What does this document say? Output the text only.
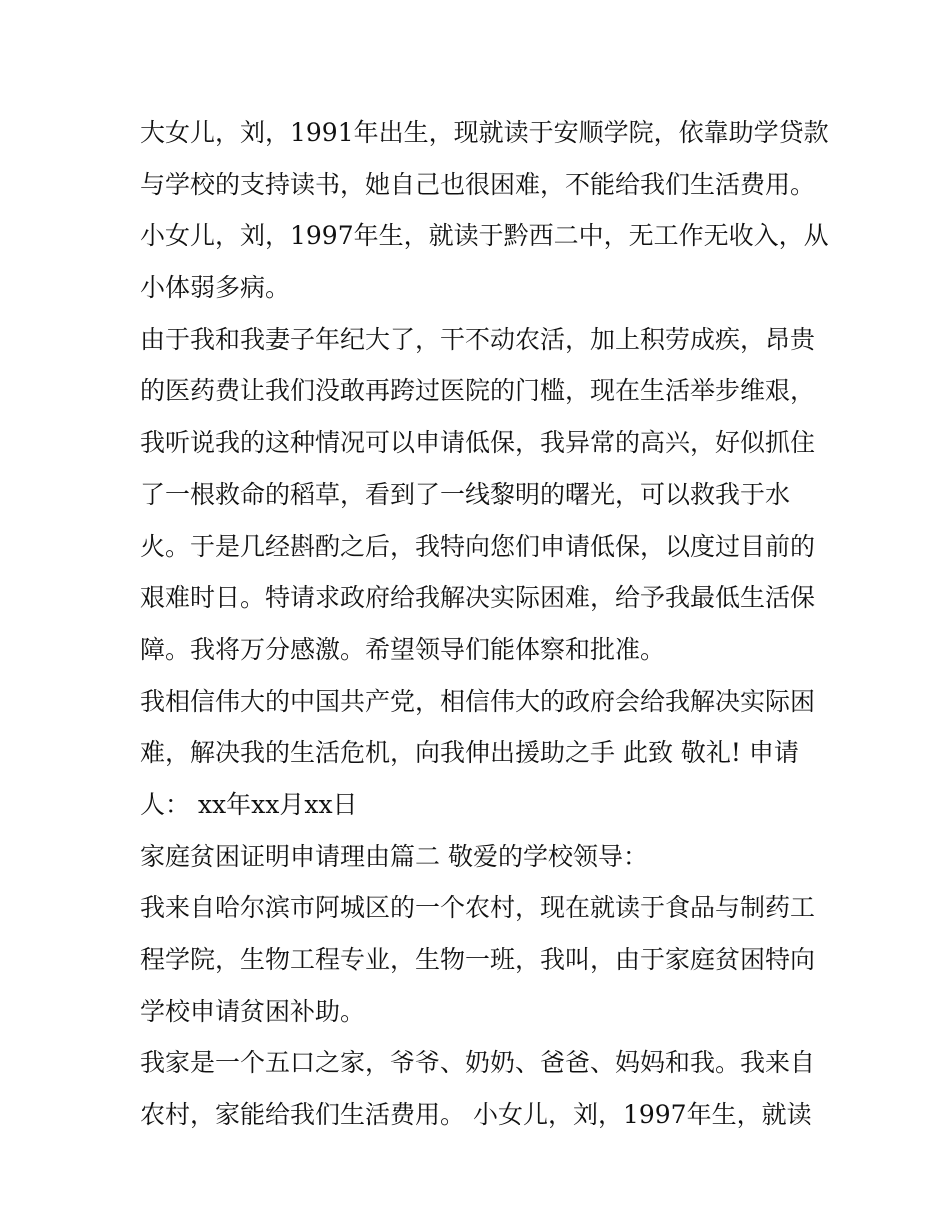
大女儿，刘，1991年出生，现就读于安顺学院，依靠助学贷款
与学校的支持读书，她自己也很困难，不能给我们生活费用。
小女儿，刘，1997年生，就读于黔西二中，无工作无收入，从
小体弱多病。
由于我和我妻子年纪大了，干不动农活，加上积劳成疾，昂贵
的医药费让我们没敢再跨过医院的门槛，现在生活举步维艰，
我听说我的这种情况可以申请低保，我异常的高兴，好似抓住
了一根救命的稻草，看到了一线黎明的曙光，可以救我于水
火。于是几经斟酌之后，我特向您们申请低保，以度过目前的
艰难时日。特请求政府给我解决实际困难，给予我最低生活保
障。我将万分感激。希望领导们能体察和批准。
我相信伟大的中国共产党，相信伟大的政府会给我解决实际困
难，解决我的生活危机，向我伸出援助之手 此致 敬礼! 申请
人： xx年xx月xx日
家庭贫困证明申请理由篇二 敬爱的学校领导：
我来自哈尔滨市阿城区的一个农村，现在就读于食品与制药工
程学院，生物工程专业，生物一班，我叫，由于家庭贫困特向
学校申请贫困补助。
我家是一个五口之家，爷爷、奶奶、爸爸、妈妈和我。我来自
农村，家能给我们生活费用。 小女儿，刘，1997年生，就读
